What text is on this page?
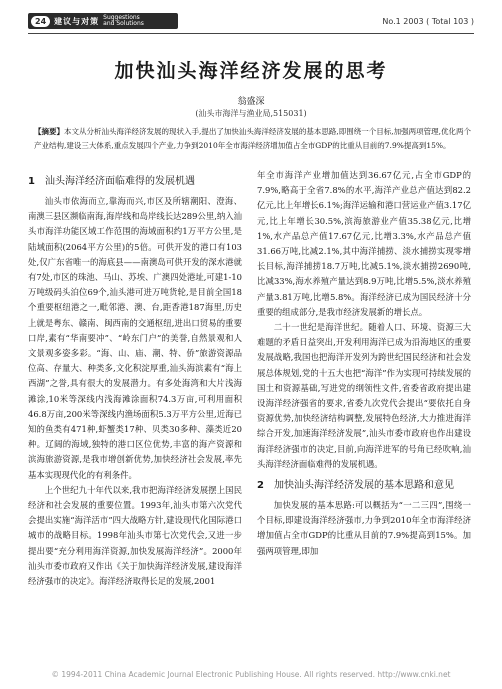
24	建议与对策 Suggestions
and Solutions	No.1 2003 ( Total 103 )
加快汕头海洋经济发展的思考
翁盛深
(汕头市海洋与渔业局,515031)
【摘要】本文从分析汕头海洋经济发展的现状入手,提出了加快汕头海洋经济发展的基本思路,即围绕一个目标,加强两项管理,优化两个产业结构,建设三大体系,重点发展四个产业,力争到2010年全市海洋经济增加值占全市GDP的比重从目前的7.9%提高到15%。
1 汕头海洋经济面临难得的发展机遇

汕头市依海而立,靠海而兴,市区及所辖潮阳、澄海、南澳三县区濒临南海,海岸线和岛岸线长达289公里,纳入汕头市海洋功能区域工作范围的海域面积约1万平方公里,是陆域面积(2064平方公里)的5倍。可供开发的港口有103处,仅广东省唯一的海底县——南澳岛可供开发的深水港就有7处,市区的珠池、马山、苏埃、广澳四处港址,可建1-10万吨级码头泊位69个,汕头港可进万吨货轮,是目前全国18个重要枢纽港之一,毗邻港、澳、台,距香港187海里,历史上就是粤东、赣南、闽西南的交通枢纽,进出口贸易的重要口岸,素有“华南要冲”、“岭东门户”的美誉,自然景观和人文景观多姿多彩。“海、山、庙、潮、特、侨”旅游资源品位高、存量大、种类多,文化积淀厚重,汕头海滨素有“海上西湖”之誉,具有很大的发展潜力。有多处海湾和大片浅海滩涂,10米等深线内浅海滩涂面积74.3万亩,可利用面积46.8万亩,200米等深线内渔场面积5.3万平方公里,近海已知的鱼类有471种,虾蟹类17种、贝类30多种、藻类近20种。辽阔的海域,独特的港口区位优势,丰富的海产资源和滨海旅游资源,是我市增创新优势,加快经济社会发展,率先基本实现现代化的有利条件。

上个世纪九十年代以来,我市把海洋经济发展摆上国民经济和社会发展的重要位置。1993年,汕头市第六次党代会提出实施“海洋活市”四大战略方针,建设现代化国际港口城市的战略目标。1998年汕头市第七次党代会,又进一步提出要“充分利用海洋资源,加快发展海洋经济”。2000年汕头市委市政府又作出《关于加快海洋经济发展,建设海洋经济强市的决定》。海洋经济取得长足的发展,2001

年全市海洋产业增加值达到36.67亿元,占全市GDP的7.9%,略高于全省7.8%的水平,海洋产业总产值达到82.2亿元,比上年增长6.1%;海洋运输和港口营运业产值3.17亿元,比上年增长30.5%,滨海旅游业产值35.38亿元,比增1%,水产品总产值17.67亿元,比增3.3%,水产品总产值31.66万吨,比减2.1%,其中海洋捕捞、淡水捕捞实现零增长目标,海洋捕捞18.7万吨,比减5.1%,淡水捕捞2690吨,比减33%,海水养殖产量达到8.9万吨,比增5.5%,淡水养殖产量3.81万吨,比增5.8%。海洋经济已成为国民经济十分重要的组成部分,是我市经济发展新的增长点。

二十一世纪是海洋世纪。随着人口、环境、资源三大难题的矛盾日益突出,开发利用海洋已成为沿海地区的重要发展战略,我国也把海洋开发列为跨世纪国民经济和社会发展总体规划,党的十五大也把“海洋”作为实现可持续发展的国土和资源基础,写进党的纲领性文件,省委省政府提出建设海洋经济强省的要求,省委九次党代会提出“要依托自身资源优势,加快经济结构调整,发展特色经济,大力推进海洋综合开发,加速海洋经济发展”,汕头市委市政府也作出建设海洋经济强市的决定,目前,向海洋进军的号角已经吹响,汕头海洋经济面临难得的发展机遇。

2 加快汕头海洋经济发展的基本思路和意见

加快发展的基本思路:可以概括为“一二三四”,围绕一个目标,即建设海洋经济强市,力争到2010年全市海洋经济增加值占全市GDP的比重从目前的7.9%提高到15%。加强两项管理,即加

© 1994-2011 China Academic Journal Electronic Publishing House. All rights reserved. http://www.cnki.net
